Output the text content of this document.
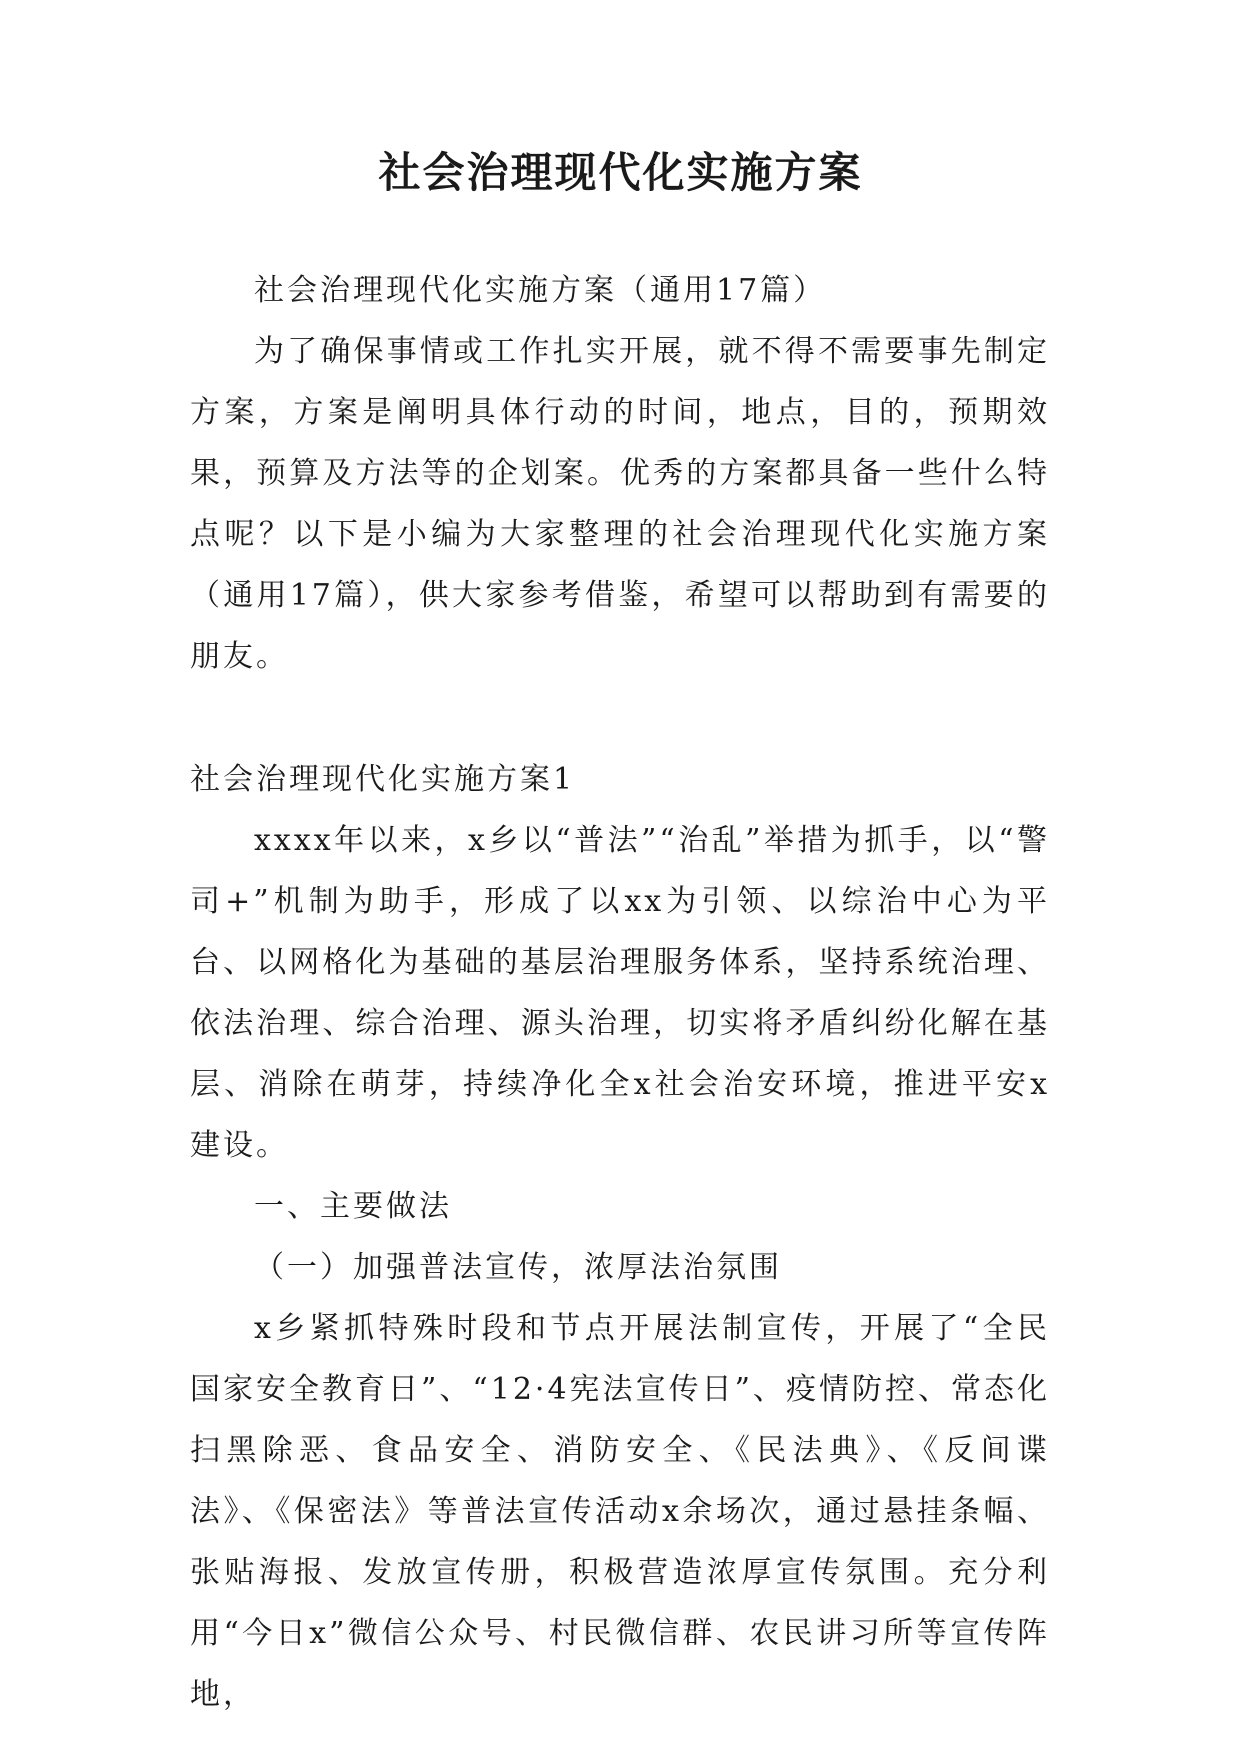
社会治理现代化实施方案

社会治理现代化实施方案（通用17篇）

为了确保事情或工作扎实开展，就不得不需要事先制定方案，方案是阐明具体行动的时间，地点，目的，预期效果，预算及方法等的企划案。优秀的方案都具备一些什么特点呢？以下是小编为大家整理的社会治理现代化实施方案（通用17篇），供大家参考借鉴，希望可以帮助到有需要的朋友。

社会治理现代化实施方案1

xxxx年以来，x乡以“普法”“治乱”举措为抓手，以“警司+”机制为助手，形成了以xx为引领、以综治中心为平台、以网格化为基础的基层治理服务体系，坚持系统治理、依法治理、综合治理、源头治理，切实将矛盾纠纷化解在基层、消除在萌芽，持续净化全x社会治安环境，推进平安x建设。

一、主要做法

（一）加强普法宣传，浓厚法治氛围

x乡紧抓特殊时段和节点开展法制宣传，开展了“全民国家安全教育日”、“12·4宪法宣传日”、疫情防控、常态化扫黑除恶、食品安全、消防安全、《民法典》、《反间谍法》、《保密法》等普法宣传活动x余场次，通过悬挂条幅、张贴海报、发放宣传册，积极营造浓厚宣传氛围。充分利用“今日x”微信公众号、村民微信群、农民讲习所等宣传阵地，
